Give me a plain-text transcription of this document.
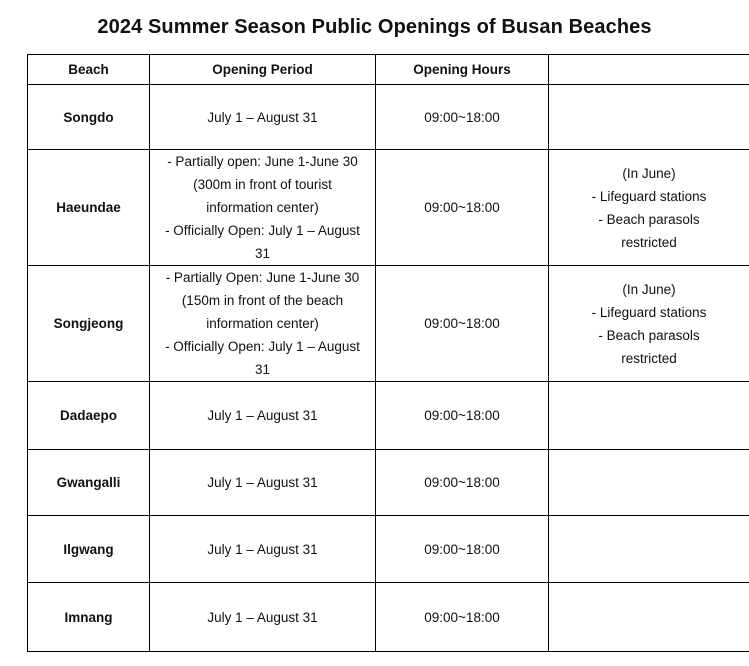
2024 Summer Season Public Openings of Busan Beaches
Beach	Opening Period	Opening Hours	
Songdo	July 1 – August 31	09:00~18:00	
Haeundae	- Partially open: June 1-June 30
(300m in front of tourist
information center)
- Officially Open: July 1 – August
31	09:00~18:00	(In June)
- Lifeguard stations
- Beach parasols
restricted

Songjeong	- Partially Open: June 1-June 30
(150m in front of the beach
information center)
- Officially Open: July 1 – August
31	09:00~18:00	(In June)
- Lifeguard stations
- Beach parasols
restricted

Dadaepo	July 1 – August 31	09:00~18:00	
Gwangalli	July 1 – August 31	09:00~18:00	
Ilgwang	July 1 – August 31	09:00~18:00	
Imnang	July 1 – August 31	09:00~18:00	
